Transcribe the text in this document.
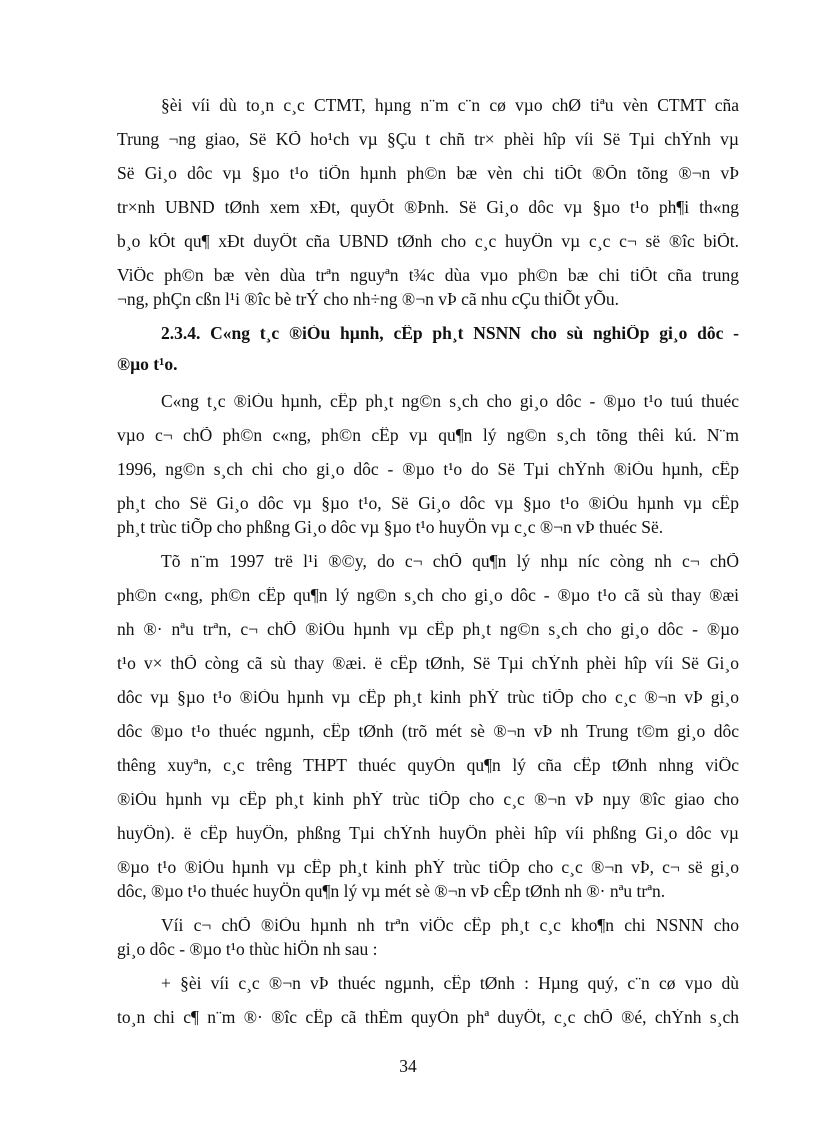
§èi víi dù to¸n c¸c CTMT, hµng n¨m c¨n cø vµo chØ tiªu vèn CTMT cña
Trung ¬ng giao, Së KÕ ho¹ch vµ §Çu t chñ tr× phèi hîp víi Së Tµi chÝnh vµ
Së Gi¸o dôc vµ §µo t¹o tiÕn hµnh ph©n bæ vèn chi tiÕt ®Õn tõng ®¬n vÞ
tr×nh UBND tØnh xem xÐt, quyÕt ®Þnh. Së Gi¸o dôc vµ §µo t¹o ph¶i th«ng
b¸o kÕt qu¶ xÐt duyÖt cña UBND tØnh cho c¸c huyÖn vµ c¸c c¬ së ®îc biÕt.
ViÖc ph©n bæ vèn dùa trªn nguyªn t¾c dùa vµo ph©n bæ chi tiÕt cña trung
¬ng, phÇn cßn l¹i ®îc bè trÝ cho nh÷ng ®¬n vÞ cã nhu cÇu thiÕt yÕu.
2.3.4. C«ng t¸c ®iÒu hµnh, cÊp ph¸t NSNN cho sù nghiÖp gi¸o dôc -
®µo t¹o.
C«ng t¸c ®iÒu hµnh, cÊp ph¸t ng©n s¸ch cho gi¸o dôc - ®µo t¹o tuú thuéc
vµo c¬ chÕ ph©n c«ng, ph©n cÊp vµ qu¶n lý ng©n s¸ch tõng thêi kú. N¨m
1996, ng©n s¸ch chi cho gi¸o dôc - ®µo t¹o do Së Tµi chÝnh ®iÒu hµnh, cÊp
ph¸t cho Së Gi¸o dôc vµ §µo t¹o, Së Gi¸o dôc vµ §µo t¹o ®iÒu hµnh vµ cÊp
ph¸t trùc tiÕp cho phßng Gi¸o dôc vµ §µo t¹o huyÖn vµ c¸c ®¬n vÞ thuéc Së.
Tõ n¨m 1997 trë l¹i ®©y, do c¬ chÕ qu¶n lý nhµ níc còng nh c¬ chÕ
ph©n c«ng, ph©n cÊp qu¶n lý ng©n s¸ch cho gi¸o dôc - ®µo t¹o cã sù thay ®æi
nh ®· nªu trªn, c¬ chÕ ®iÒu hµnh vµ cÊp ph¸t ng©n s¸ch cho gi¸o dôc - ®µo
t¹o v× thÕ còng cã sù thay ®æi. ë cÊp tØnh, Së Tµi chÝnh phèi hîp víi Së Gi¸o
dôc vµ §µo t¹o ®iÒu hµnh vµ cÊp ph¸t kinh phÝ trùc tiÕp cho c¸c ®¬n vÞ gi¸o
dôc ®µo t¹o thuéc ngµnh, cÊp tØnh (trõ mét sè ®¬n vÞ nh Trung t©m gi¸o dôc
thêng xuyªn, c¸c trêng THPT thuéc quyÒn qu¶n lý cña cÊp tØnh nhng viÖc
®iÒu hµnh vµ cÊp ph¸t kinh phÝ trùc tiÕp cho c¸c ®¬n vÞ nµy ®îc giao cho
huyÖn). ë cÊp huyÖn, phßng Tµi chÝnh huyÖn phèi hîp víi phßng Gi¸o dôc vµ
®µo t¹o ®iÒu hµnh vµ cÊp ph¸t kinh phÝ trùc tiÕp cho c¸c ®¬n vÞ, c¬ së gi¸o
dôc, ®µo t¹o thuéc huyÖn qu¶n lý vµ mét sè ®¬n vÞ cÊp tØnh nh ®· nªu trªn.
Víi c¬ chÕ ®iÒu hµnh nh trªn viÖc cÊp ph¸t c¸c kho¶n chi NSNN cho
gi¸o dôc - ®µo t¹o thùc hiÖn nh sau :
+ §èi víi c¸c ®¬n vÞ thuéc ngµnh, cÊp tØnh : Hµng quý, c¨n cø vµo dù
to¸n chi c¶ n¨m ®· ®îc cÊp cã thÈm quyÒn phª duyÖt, c¸c chÕ ®é, chÝnh s¸ch
34
